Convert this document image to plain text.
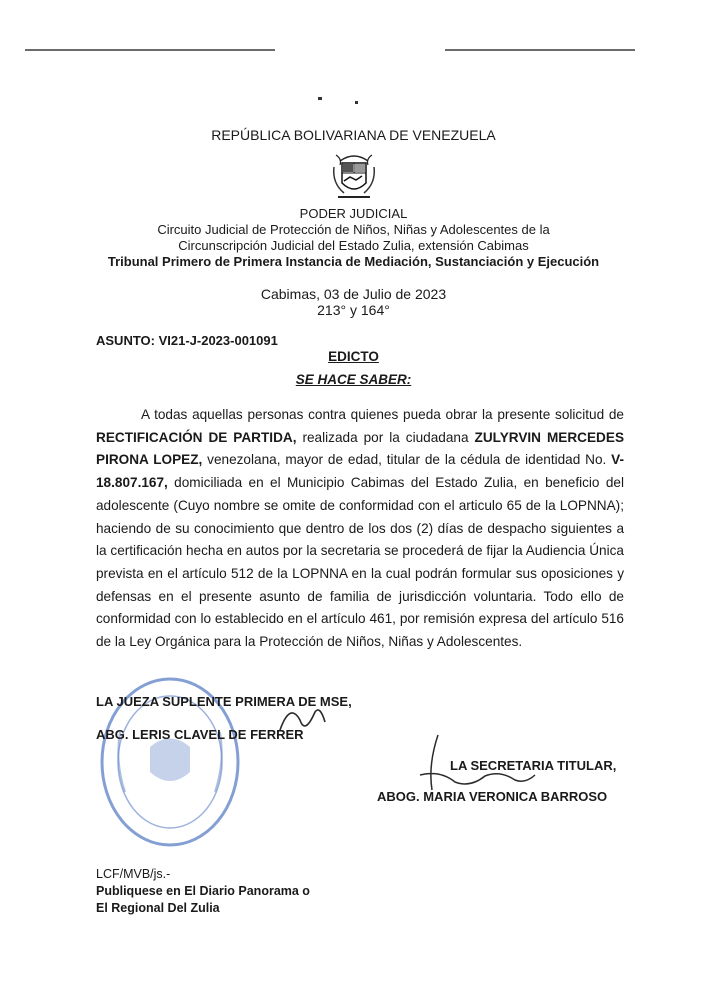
REPÚBLICA BOLIVARIANA DE VENEZUELA
PODER JUDICIAL
Circuito Judicial de Protección de Niños, Niñas y Adolescentes de la
Circunscripción Judicial del Estado Zulia, extensión Cabimas
Tribunal Primero de Primera Instancia de Mediación, Sustanciación y Ejecución
Cabimas, 03 de Julio de 2023
213° y 164°
ASUNTO: VI21-J-2023-001091
EDICTO
SE HACE SABER:

A todas aquellas personas contra quienes pueda obrar la presente solicitud de RECTIFICACIÓN DE PARTIDA, realizada por la ciudadana ZULYRVIN MERCEDES PIRONA LOPEZ, venezolana, mayor de edad, titular de la cédula de identidad No. V-18.807.167, domiciliada en el Municipio Cabimas del Estado Zulia, en beneficio del adolescente (Cuyo nombre se omite de conformidad con el articulo 65 de la LOPNNA); haciendo de su conocimiento que dentro de los dos (2) días de despacho siguientes a la certificación hecha en autos por la secretaria se procederá de fijar la Audiencia Única prevista en el artículo 512 de la LOPNNA en la cual podrán formular sus oposiciones y defensas en el presente asunto de familia de jurisdicción voluntaria. Todo ello de conformidad con lo establecido en el artículo 461, por remisión expresa del artículo 516 de la Ley Orgánica para la Protección de Niños, Niñas y Adolescentes.

LA JUEZA SUPLENTE PRIMERA DE MSE,
ABG. LERIS CLAVEL DE FERRER
LA SECRETARIA TITULAR,
ABOG. MARIA VERONICA BARROSO
LCF/MVB/js.-
Publiquese en El Diario Panorama o
El Regional Del Zulia
